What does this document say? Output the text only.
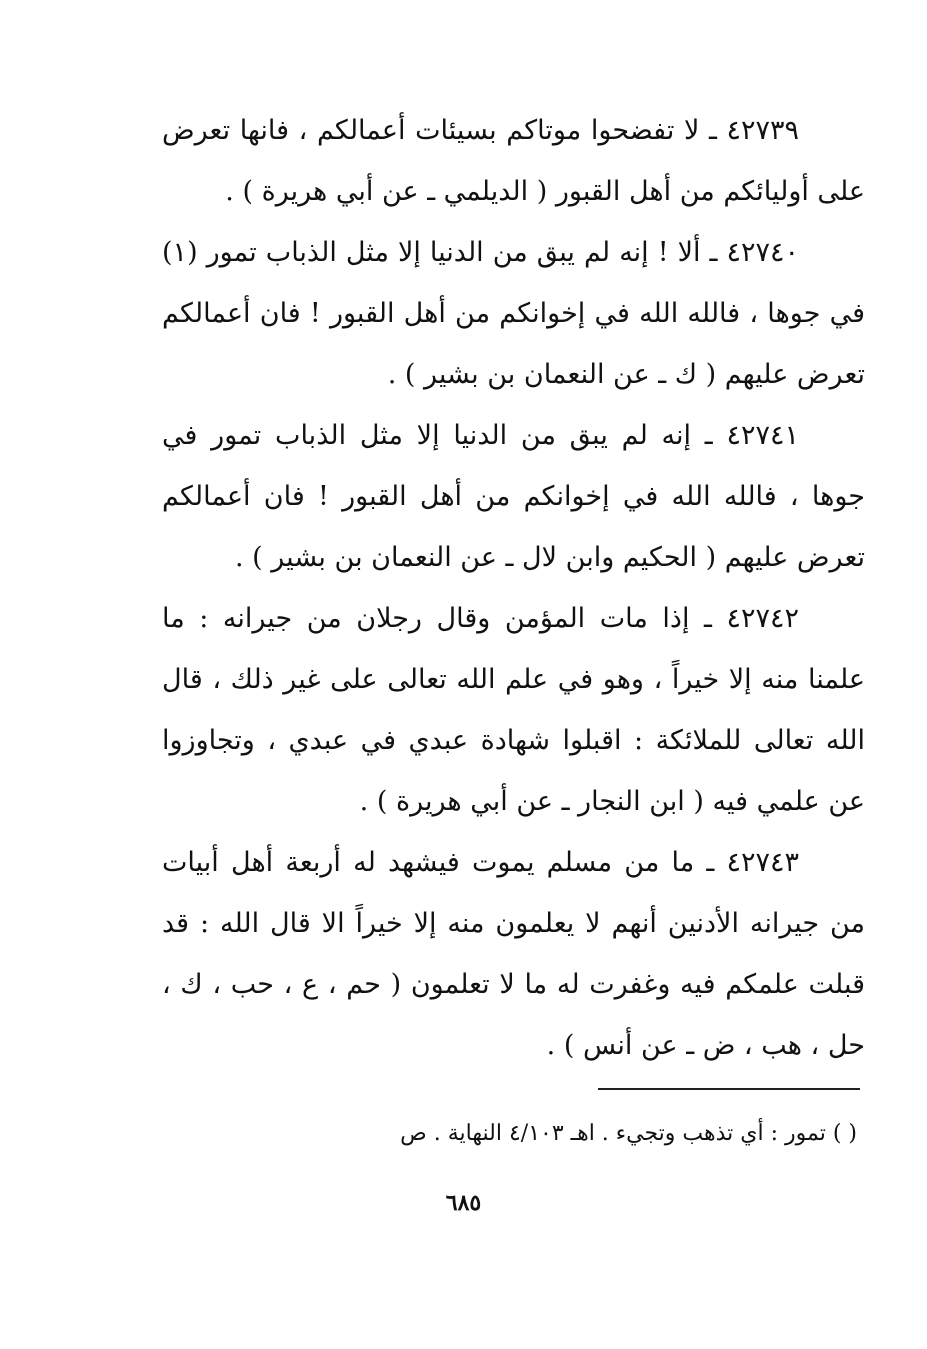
٤٢٧٣٩ ـ لا تفضحوا موتاكم بسيئات أعمالكم ، فانها تعرض على أوليائكم من أهل القبور ( الديلمي ـ عن أبي هريرة ) .

٤٢٧٤٠ ـ ألا ! إنه لم يبق من الدنيا إلا مثل الذباب تمور (١) في جوها ، فالله الله في إخوانكم من أهل القبور ! فان أعمالكم تعرض عليهم ( ك ـ عن النعمان بن بشير ) .

٤٢٧٤١ ـ إنه لم يبق من الدنيا إلا مثل الذباب تمور في جوها ، فالله الله في إخوانكم من أهل القبور ! فان أعمالكم تعرض عليهم ( الحكيم وابن لال ـ عن النعمان بن بشير ) .

٤٢٧٤٢ ـ إذا مات المؤمن وقال رجلان من جيرانه : ما علمنا منه إلا خيراً ، وهو في علم الله تعالى على غير ذلك ، قال الله تعالى للملائكة : اقبلوا شهادة عبدي في عبدي ، وتجاوزوا عن علمي فيه ( ابن النجار ـ عن أبي هريرة ) .

٤٢٧٤٣ ـ ما من مسلم يموت فيشهد له أربعة أهل أبيات من جيرانه الأدنين أنهم لا يعلمون منه إلا خيراً الا قال الله : قد قبلت علمكم فيه وغفرت له ما لا تعلمون ( حم ، ع ، حب ، ك ، حل ، هب ، ض ـ عن أنس ) .

( ) تمور : أي تذهب وتجيء . اهـ ٤/١٠٣ النهاية . ص
٦٨٥
